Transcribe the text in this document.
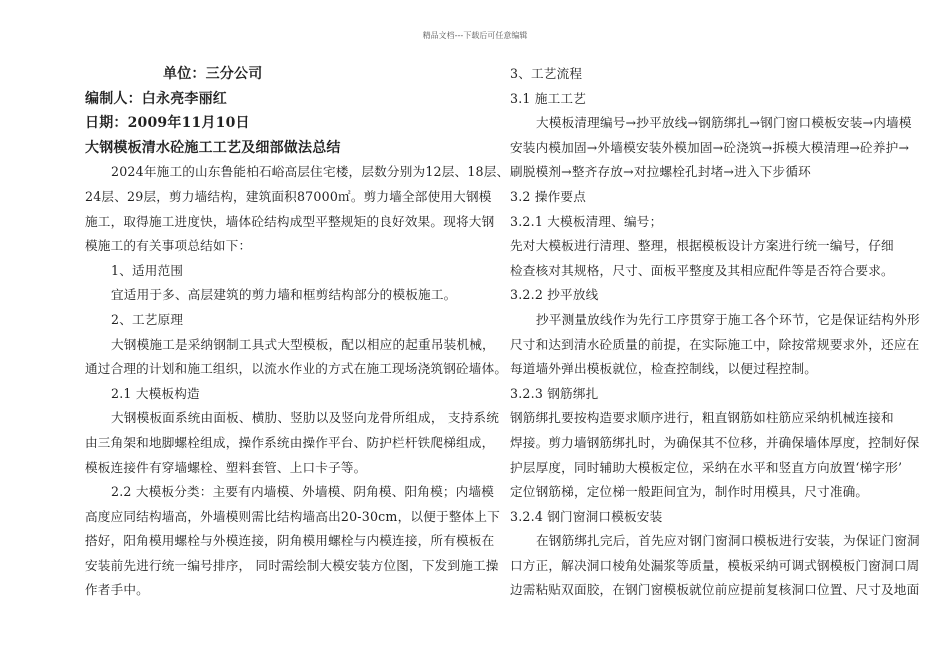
精品文档---下载后可任意编辑
单位：三分公司
编制人：白永亮李丽红
日期：2009年11月10日
大钢模板清水砼施工工艺及细部做法总结
2024年施工的山东鲁能柏石峪高层住宅楼，层数分别为12层、18层、
24层、29层，剪力墙结构，建筑面积87000㎡。剪力墙全部使用大钢模
施工，取得施工进度快，墙体砼结构成型平整规矩的良好效果。现将大钢
模施工的有关事项总结如下：
1、适用范围
宜适用于多、高层建筑的剪力墙和框剪结构部分的模板施工。
2、工艺原理
大钢模施工是采纳钢制工具式大型模板，配以相应的起重吊装机械，
通过合理的计划和施工组织，以流水作业的方式在施工现场浇筑钢砼墙体。
2.1 大模板构造
大钢模板面系统由面板、横肋、竖肋以及竖向龙骨所组成， 支持系统
由三角架和地脚螺栓组成，操作系统由操作平台、防护栏杆铁爬梯组成，
模板连接件有穿墙螺栓、塑料套管、上口卡子等。
2.2 大模板分类：主要有内墙模、外墙模、阴角模、阳角模；内墙模
高度应同结构墙高，外墙模则需比结构墙高出20-30cm，以便于整体上下
搭好，阳角模用螺栓与外模连接，阴角模用螺栓与内模连接，所有模板在
安装前先进行统一编号排序， 同时需绘制大模安装方位图，下发到施工操
作者手中。
3、工艺流程
3.1 施工工艺
大模板清理编号→抄平放线→钢筋绑扎→钢门窗口模板安装→内墙模
安装内模加固→外墙模安装外模加固→砼浇筑→拆模大模清理→砼养护→
刷脱模剂→整齐存放→对拉螺栓孔封堵→进入下步循环
3.2 操作要点
3.2.1 大模板清理、编号；
先对大模板进行清理、整理，根据模板设计方案进行统一编号，仔细
检查核对其规格，尺寸、面板平整度及其相应配件等是否符合要求。
3.2.2 抄平放线
抄平测量放线作为先行工序贯穿于施工各个环节，它是保证结构外形
尺寸和达到清水砼质量的前提，在实际施工中，除按常规要求外，还应在
每道墙外弹出模板就位，检查控制线，以便过程控制。
3.2.3 钢筋绑扎
钢筋绑扎要按构造要求顺序进行，粗直钢筋如柱筋应采纳机械连接和
焊接。剪力墙钢筋绑扎时，为确保其不位移，并确保墙体厚度，控制好保
护层厚度，同时辅助大模板定位，采纳在水平和竖直方向放置‘梯字形’
定位钢筋梯，定位梯一般距间宜为，制作时用模具，尺寸准确。
3.2.4 钢门窗洞口模板安装
在钢筋绑扎完后，首先应对钢门窗洞口模板进行安装，为保证门窗洞
口方正，解决洞口棱角处漏浆等质量，模板采纳可调式钢模板门窗洞口周
边需粘贴双面胶，在钢门窗模板就位前应提前复核洞口位置、尺寸及地面
